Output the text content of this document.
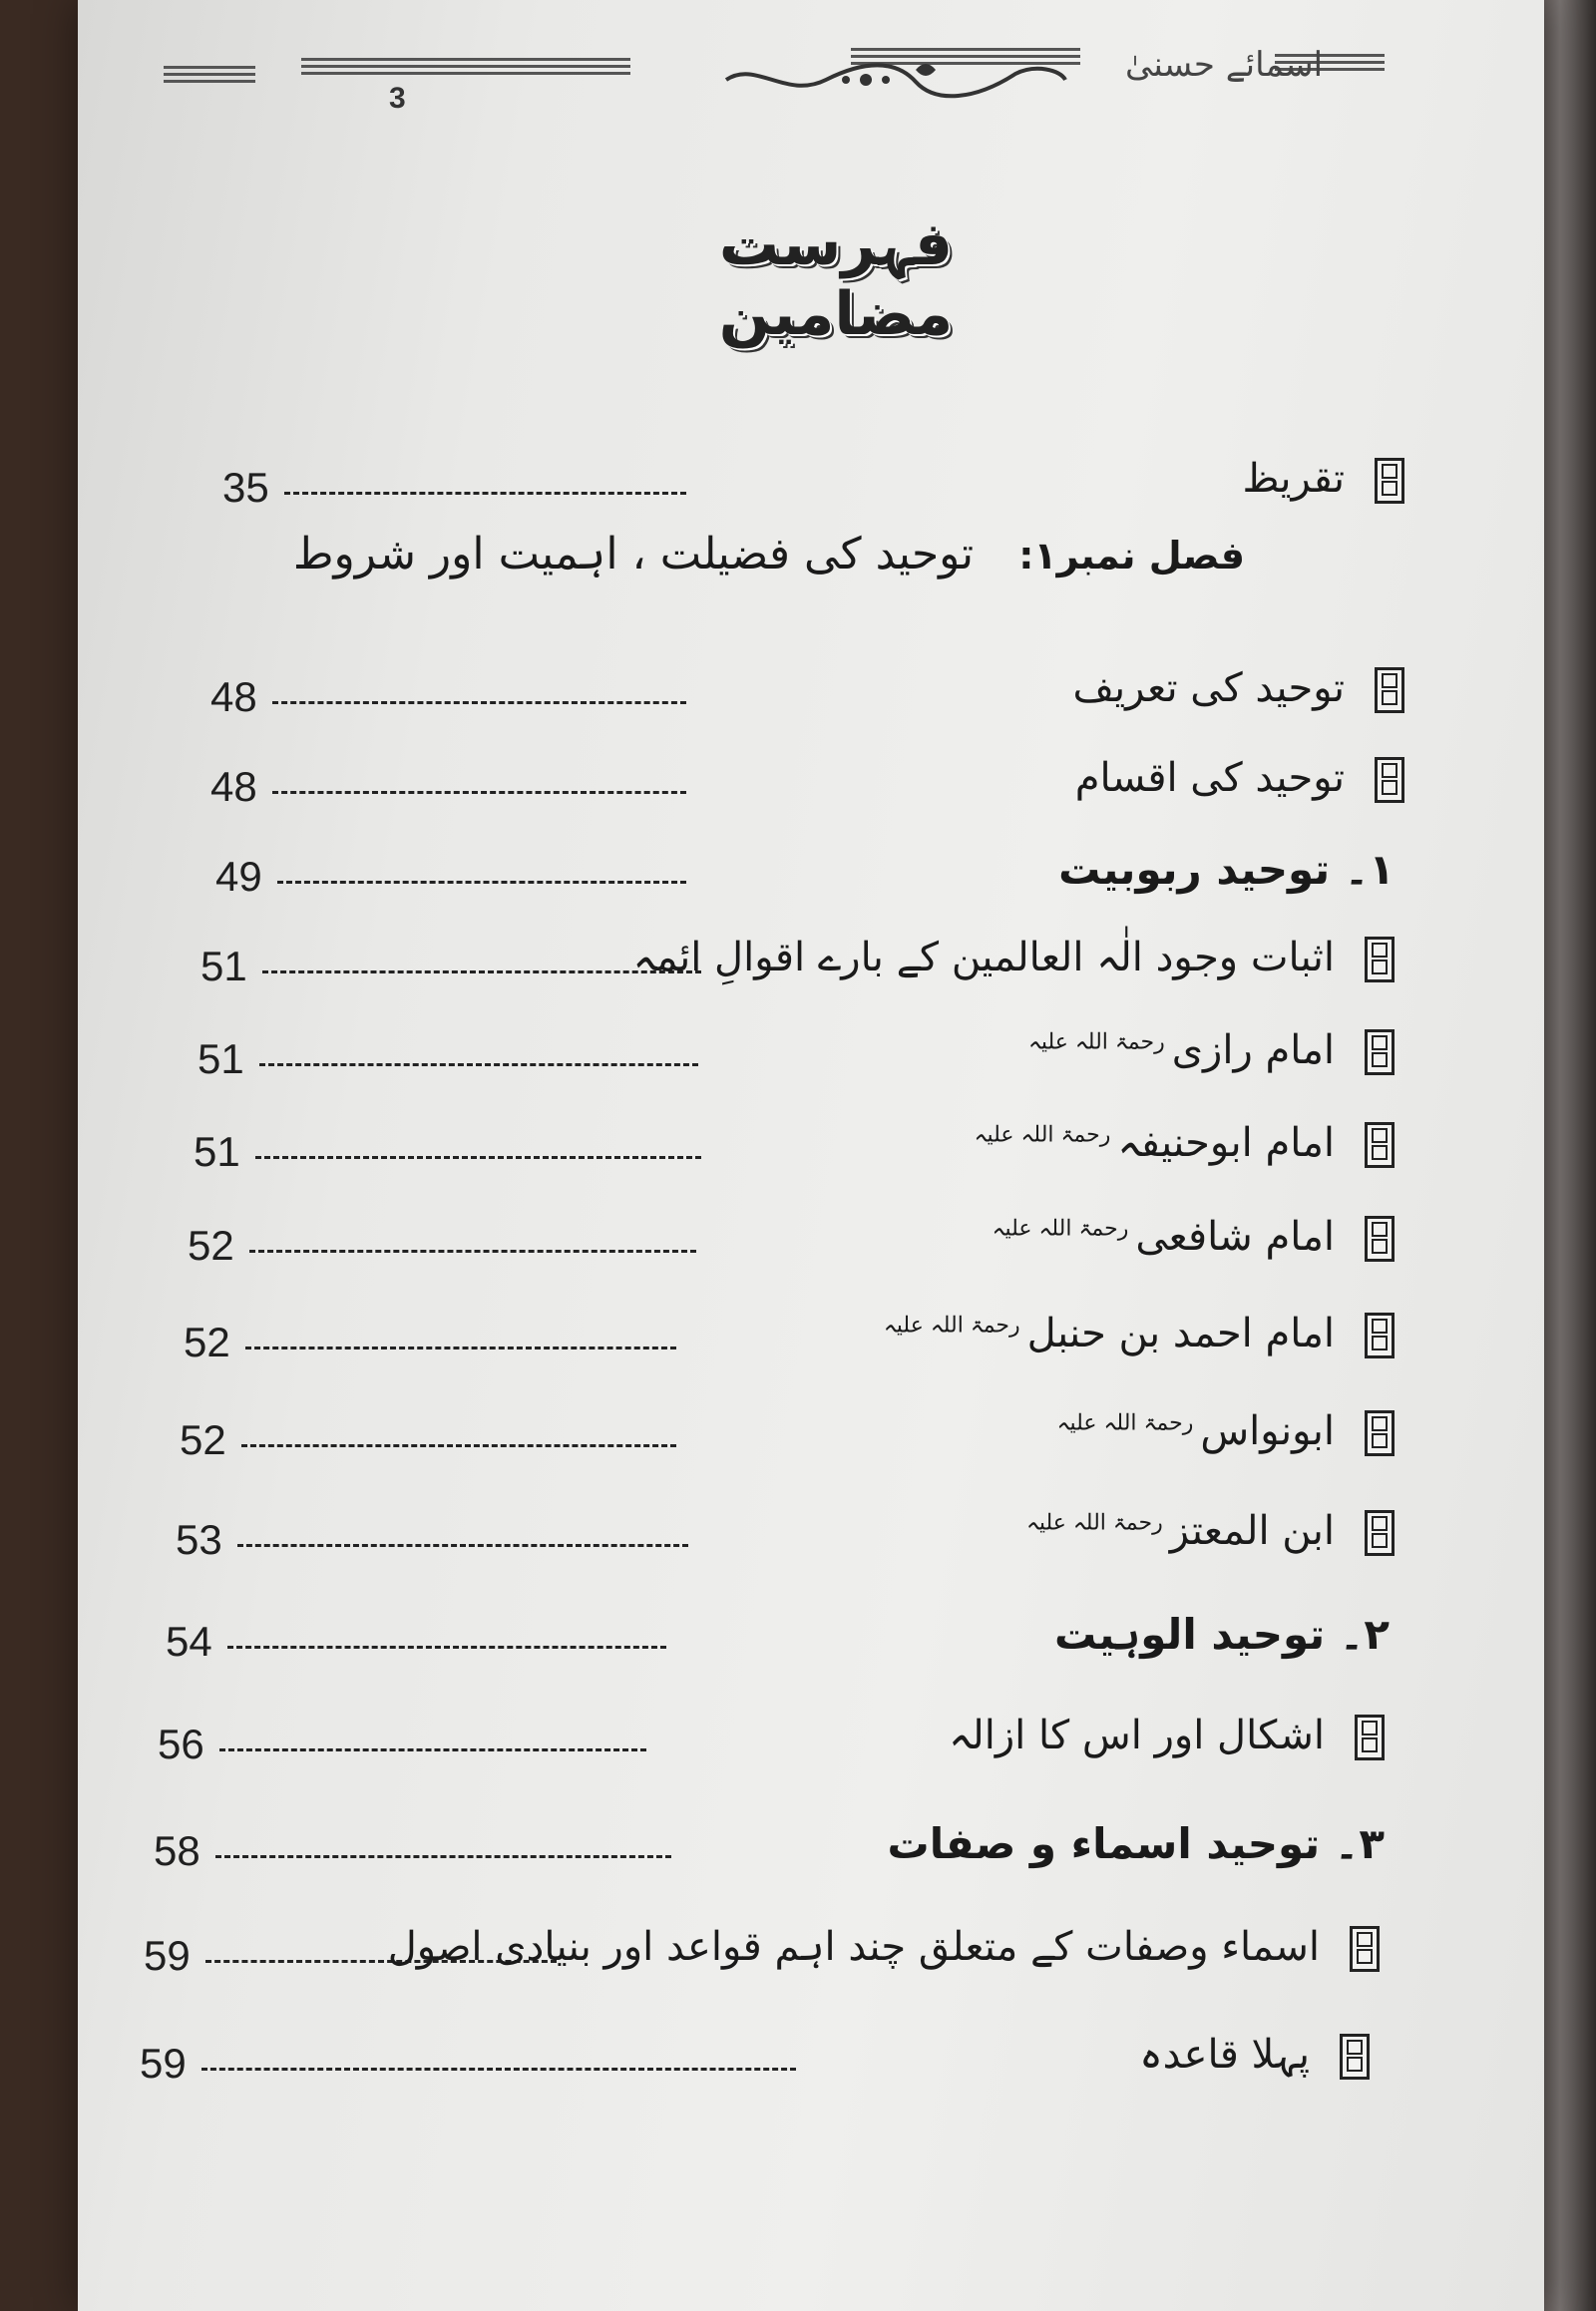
3
اسمائے حسنیٰ
فہرست مضامین
فصل نمبر۱: توحید کی فضیلت ، اہمیت اور شروط
35	تقریظ
48	توحید کی تعریف
48	توحید کی اقسام
49	۱۔ توحید ربوبیت
51	اثبات وجود الٰہ العالمین کے بارے اقوالِ ائمہ
51	امام رازی $^{رحمۃ اللہ علیہ}$
51	امام ابوحنیفہ $^{رحمۃ اللہ علیہ}$
52	امام شافعی $^{رحمۃ اللہ علیہ}$
52	امام احمد بن حنبل $^{رحمۃ اللہ علیہ}$
52	ابونواس $^{رحمۃ اللہ علیہ}$
53	ابن المعتز $^{رحمۃ اللہ علیہ}$
54	۲۔ توحید الوہیت
56	اشکال اور اس کا ازالہ
58	۳۔ توحید اسماء و صفات
59	اسماء وصفات کے متعلق چند اہم قواعد اور بنیادی اصول
59	پہلا قاعدہ
